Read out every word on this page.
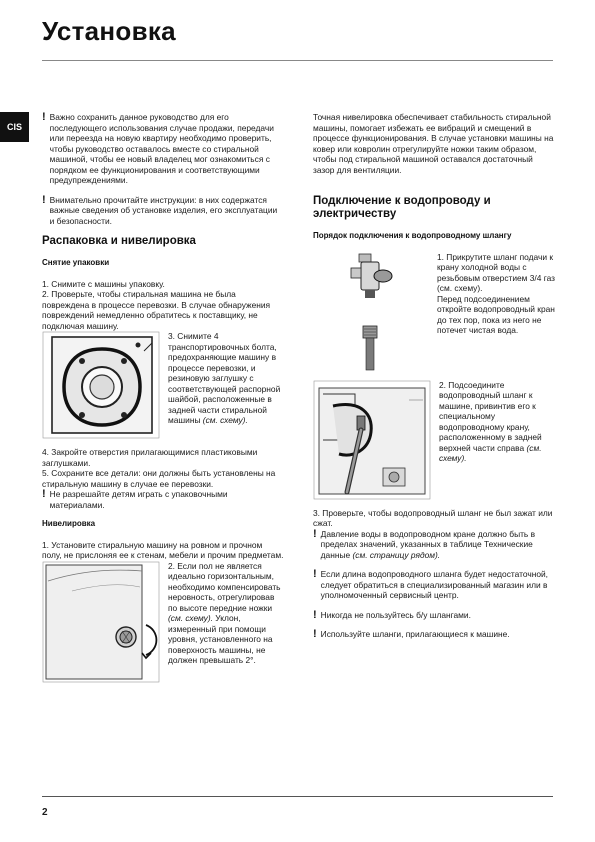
Установка
CIS
! Важно сохранить данное руководство для его последующего использования случае продажи, передачи или переезда на новую квартиру необходимо проверить, чтобы руководство оставалось вместе со стиральной машиной, чтобы ее новый владелец мог ознакомиться с порядком ее функционирования и соответствующими предупреждениями.

! Внимательно прочитайте инструкции: в них содержатся важные сведения об установке изделия, его эксплуатации и безопасности.

Распаковка и нивелировка
Снятие упаковки

1. Снимите с машины упаковку.
2. Проверьте, чтобы стиральная машина не была повреждена в процессе перевозки. В случае обнаружения повреждений немедленно обратитесь к поставщику, не подключая машину.

3. Снимите 4 транспортировочных болта, предохраняющие машину в процессе перевозки, и резиновую заглушку с соответствующей распорной шайбой, расположенные в задней части стиральной машины (см. схему).

4. Закройте отверстия прилагающимися пластиковыми заглушками.
5. Сохраните все детали: они должны быть установлены на стиральную машину в случае ее перевозки.

! Не разрешайте детям играть с упаковочными материалами.

Нивелировка

1. Установите стиральную машину на ровном и прочном полу, не прислоняя ее к стенам, мебели и прочим предметам.

2. Если пол не является идеально горизонтальным, необходимо компенсировать неровность, отрегулировав по высоте передние ножки (см. схему). Уклон, измеренный при помощи уровня, установленного на поверхность машины, не должен превышать 2°.

Точная нивелировка обеспечивает стабильность стиральной машины, помогает избежать ее вибраций и смещений в процессе функционирования. В случае установки машины на ковер или ковролин отрегулируйте ножки таким образом, чтобы под стиральной машиной оставался достаточный зазор для вентиляции.

Подключение к водопроводу и электричеству
Порядок подключения к водопроводному шлангу

1. Прикрутите шланг подачи к крану холодной воды с резьбовым отверстием 3/4 газ (см. схему).
Перед подсоединением откройте водопроводный кран до тех пор, пока из него не потечет чистая вода.

2. Подсоедините водопроводный шланг к машине, привинтив его к специальному водопроводному крану, расположенному в задней верхней части справа (см. схему).

3. Проверьте, чтобы водопроводный шланг не был зажат или сжат.

! Давление воды в водопроводном кране должно быть в пределах значений, указанных в таблице Технические данные (см. страницу рядом).

! Если длина водопроводного шланга будет недостаточной, следует обратиться в специализированный магазин или в уполномоченный сервисный центр.

! Никогда не пользуйтесь б/у шлангами.

! Используйте шланги, прилагающиеся к машине.

2
